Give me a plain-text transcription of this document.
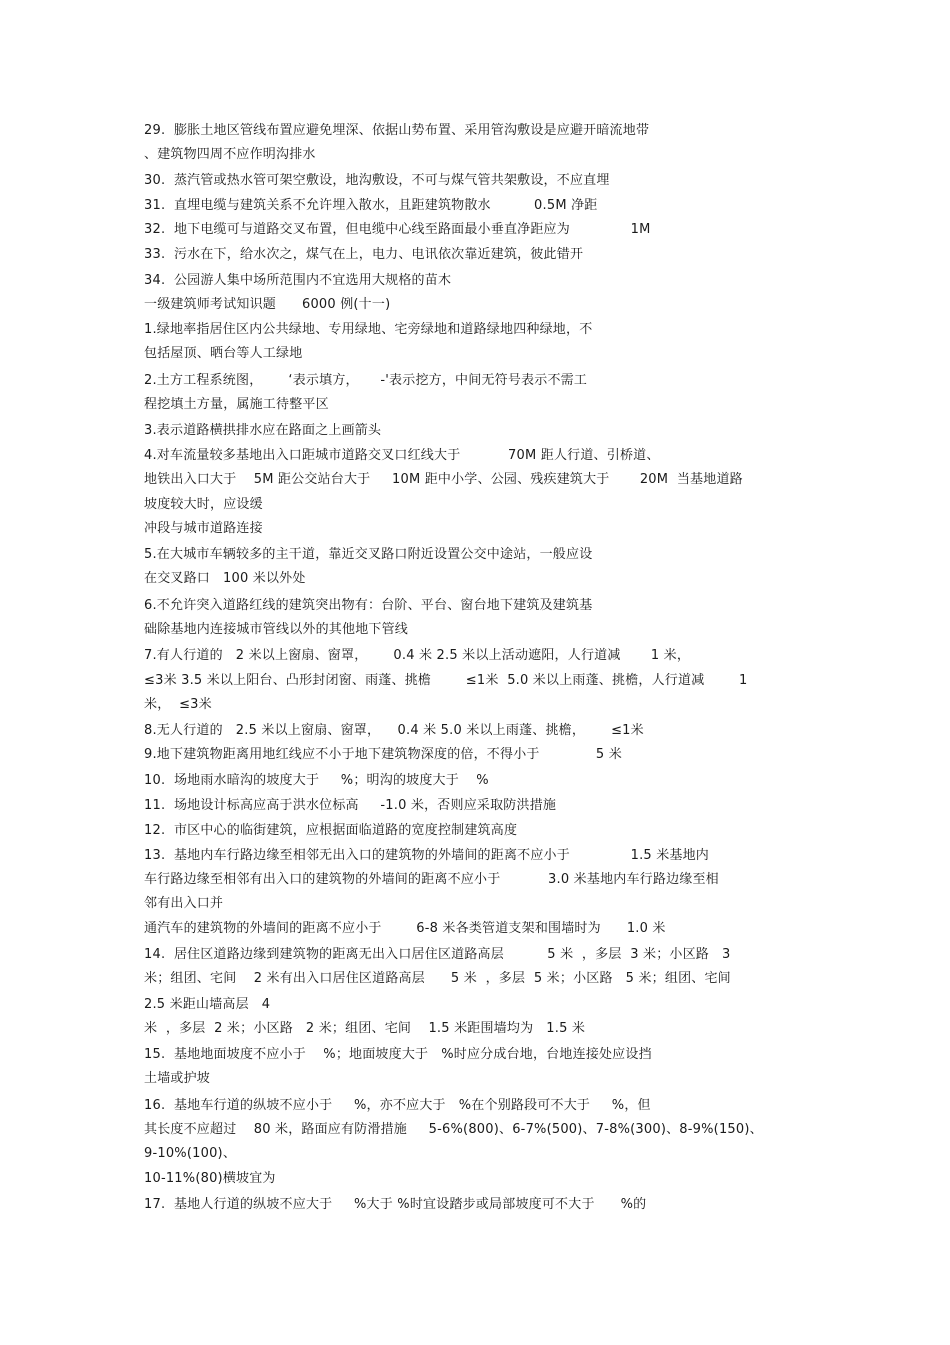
29.  膨胀土地区管线布置应避免埋深、依据山势布置、采用管沟敷设是应避开暗流地带
、建筑物四周不应作明沟排水
30.  蒸汽管或热水管可架空敷设，地沟敷设，不可与煤气管共架敷设，不应直埋
31.  直埋电缆与建筑关系不允许埋入散水，且距建筑物散水          0.5M 净距
32.  地下电缆可与道路交叉布置，但电缆中心线至路面最小垂直净距应为              1M
33.  污水在下，给水次之，煤气在上，电力、电讯依次靠近建筑，彼此错开
34.  公园游人集中场所范围内不宜选用大规格的苗木
一级建筑师考试知识题      6000 例(十一)
1.绿地率指居住区内公共绿地、专用绿地、宅旁绿地和道路绿地四种绿地，不
包括屋顶、晒台等人工绿地
2.土方工程系统图，      ‘表示填方，     -'表示挖方，中间无符号表示不需工
程挖填土方量，属施工待整平区
3.表示道路横拱排水应在路面之上画箭头
4.对车流量较多基地出入口距城市道路交叉口红线大于           70M 距人行道、引桥道、
地铁出入口大于    5M 距公交站台大于     10M 距中小学、公园、残疾建筑大于       20M  当基地道路
坡度较大时，应设缓
冲段与城市道路连接
5.在大城市车辆较多的主干道，靠近交叉路口附近设置公交中途站，一般应设
在交叉路口   100 米以外处
6.不允许突入道路红线的建筑突出物有：台阶、平台、窗台地下建筑及建筑基
础除基地内连接城市管线以外的其他地下管线
7.有人行道的   2 米以上窗扇、窗罩，      0.4 米 2.5 米以上活动遮阳，人行道减       1 米，
≤3米 3.5 米以上阳台、凸形封闭窗、雨蓬、挑檐        ≤1米  5.0 米以上雨蓬、挑檐，人行道减        1
米，  ≤3米
8.无人行道的   2.5 米以上窗扇、窗罩，    0.4 米 5.0 米以上雨蓬、挑檐，      ≤1米
9.地下建筑物距离用地红线应不小于地下建筑物深度的倍，不得小于             5 米
10.  场地雨水暗沟的坡度大于     %；明沟的坡度大于    %
11.  场地设计标高应高于洪水位标高     -1.0 米，否则应采取防洪措施
12.  市区中心的临街建筑，应根据面临道路的宽度控制建筑高度
13.  基地内车行路边缘至相邻无出入口的建筑物的外墙间的距离不应小于              1.5 米基地内
车行路边缘至相邻有出入口的建筑物的外墙间的距离不应小于           3.0 米基地内车行路边缘至相
邻有出入口并
通汽车的建筑物的外墙间的距离不应小于        6-8 米各类管道支架和围墙时为      1.0 米
14.  居住区道路边缘到建筑物的距离无出入口居住区道路高层          5 米  ，多层  3 米；小区路   3
米；组团、宅间    2 米有出入口居住区道路高层      5 米  ，多层  5 米；小区路   5 米；组团、宅间
2.5 米距山墙高层   4
米  ，多层  2 米；小区路   2 米；组团、宅间    1.5 米距围墙均为   1.5 米
15.  基地地面坡度不应小于    %；地面坡度大于   %时应分成台地，台地连接处应设挡
土墙或护坡
16.  基地车行道的纵坡不应小于     %，亦不应大于   %在个别路段可不大于     %，但
其长度不应超过    80 米，路面应有防滑措施     5-6%(800)、6-7%(500)、7-8%(300)、8-9%(150)、
9-10%(100)、
10-11%(80)横坡宜为
17.  基地人行道的纵坡不应大于     %大于 %时宜设踏步或局部坡度可不大于      %的
